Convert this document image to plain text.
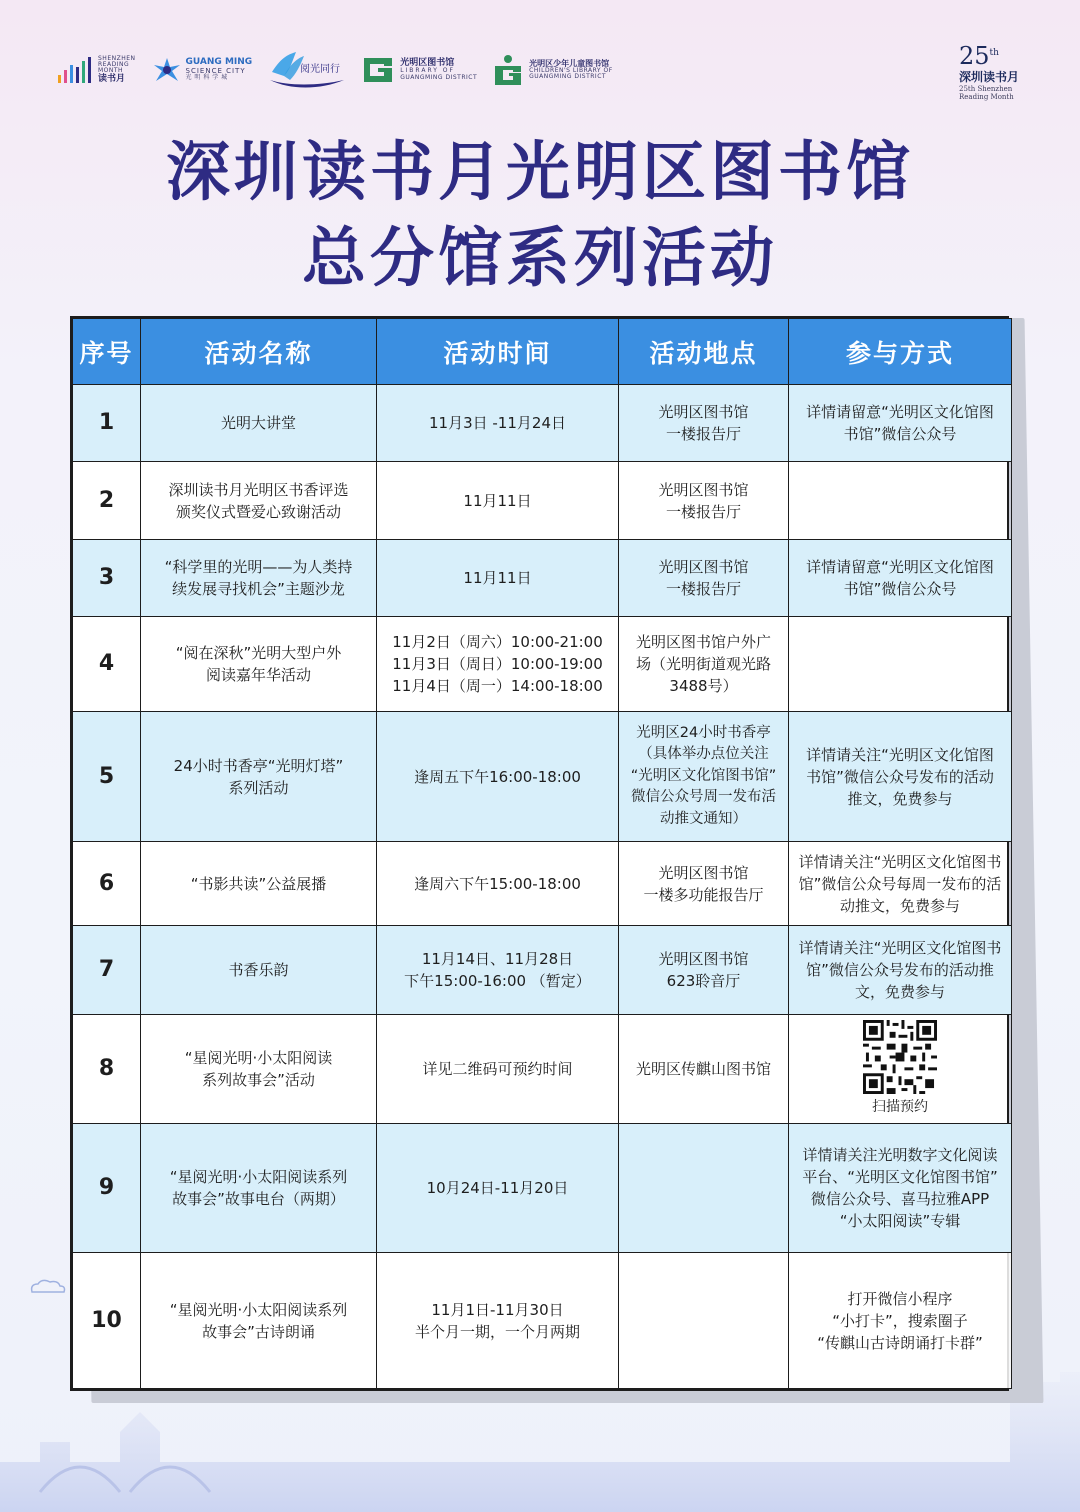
SHENZHEN
READING
MONTH
读书月
GUANG MING
SCIENCE CITY
光 明 科 学 城
阅光同行
光明区图书馆
LIBRARY OF
GUANGMING DISTRICT
光明区少年儿童图书馆
CHILDREN'S LIBRARY OF
GUANGMING DISTRICT
25th
深圳读书月
25th Shenzhen
Reading Month
深圳读书月光明区图书馆
总分馆系列活动
序号	活动名称	活动时间	活动地点	参与方式
1	光明大讲堂	11月3日 -11月24日	光明区图书馆
一楼报告厅	详情请留意“光明区文化馆图
书馆”微信公众号
2	深圳读书月光明区书香评选
颁奖仪式暨爱心致谢活动	11月11日	光明区图书馆
一楼报告厅	
3	“科学里的光明——为人类持
续发展寻找机会”主题沙龙	11月11日	光明区图书馆
一楼报告厅	详情请留意“光明区文化馆图
书馆”微信公众号
4	“阅在深秋”光明大型户外
阅读嘉年华活动	11月2日（周六）10:00-21:00
11月3日（周日）10:00-19:00
11月4日（周一）14:00-18:00	光明区图书馆户外广
场（光明街道观光路
3488号）	
5	24小时书香亭“光明灯塔”
系列活动	逢周五下午16:00-18:00	光明区24小时书香亭
（具体举办点位关注
“光明区文化馆图书馆”
微信公众号周一发布活
动推文通知）	详情请关注“光明区文化馆图
书馆”微信公众号发布的活动
推文，免费参与
6	“书影共读”公益展播	逢周六下午15:00-18:00	光明区图书馆
一楼多功能报告厅	详情请关注“光明区文化馆图书
馆”微信公众号每周一发布的活
动推文，免费参与
7	书香乐韵	11月14日、11月28日
下午15:00-16:00 （暂定）	光明区图书馆
623聆音厅	详情请关注“光明区文化馆图书
馆”微信公众号发布的活动推
文，免费参与
8	“星阅光明·小太阳阅读
系列故事会”活动	详见二维码可预约时间	光明区传麒山图书馆	扫描预约

9	“星阅光明·小太阳阅读系列
故事会”故事电台（两期）	10月24日-11月20日		详情请关注光明数字文化阅读
平台、“光明区文化馆图书馆”
微信公众号、喜马拉雅APP
“小太阳阅读”专辑
10	“星阅光明·小太阳阅读系列
故事会”古诗朗诵	11月1日-11月30日
半个月一期，一个月两期		打开微信小程序
“小打卡”，搜索圈子
“传麒山古诗朗诵打卡群”
